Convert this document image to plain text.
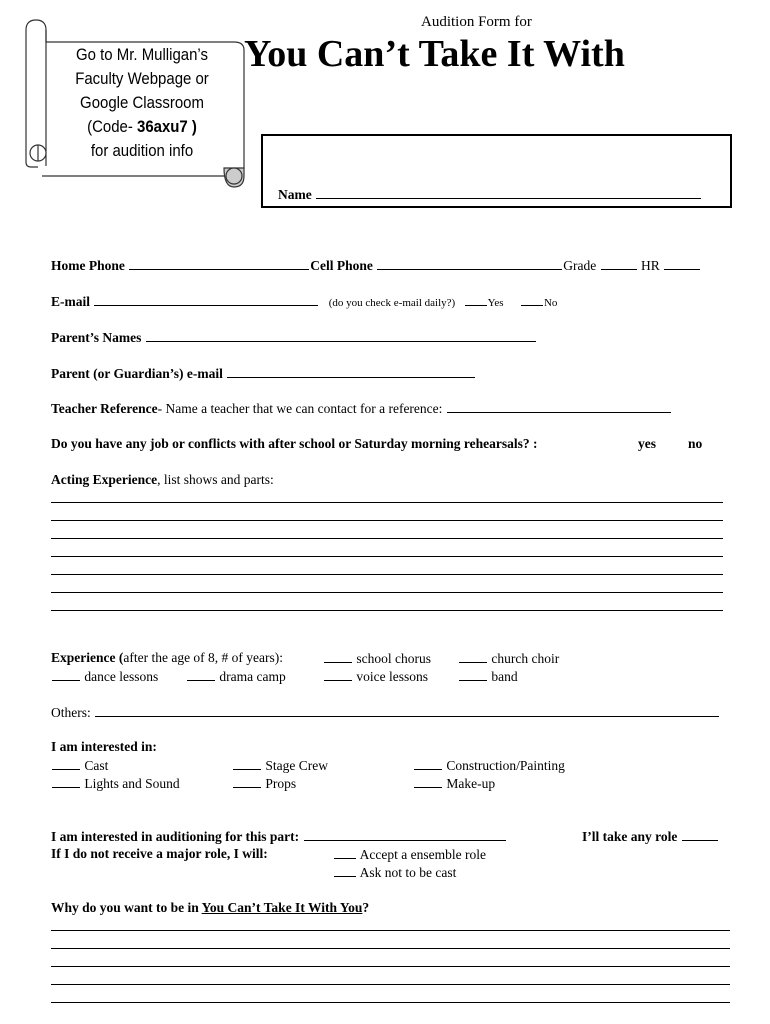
Audition Form for
You Can’t Take It With
Go to Mr. Mulligan’s
Faculty Webpage or
Google Classroom
(Code- 36axu7 )
for audition info
Name
Home Phone	Cell Phone	Grade	HR
E-mail	(do you check e-mail daily?)	Yes	No
Parent’s Names
Parent (or Guardian’s) e-mail
Teacher Reference- Name a teacher that we can contact for a reference:
Do you have any job or conflicts with after school or Saturday morning rehearsals? :	yes no
Acting Experience, list shows and parts:
Experience (after the age of 8, # of years):	school chorus	church choir
dance lessons	drama camp	voice lessons	band
Others:
I am interested in:
Cast	Stage Crew	Construction/Painting
Lights and Sound	Props	Make-up
I am interested in auditioning for this part:	I’ll take any role
If I do not receive a major role, I will:	Accept a ensemble role
Ask not to be cast
Why do you want to be in You Can’t Take It With You?
